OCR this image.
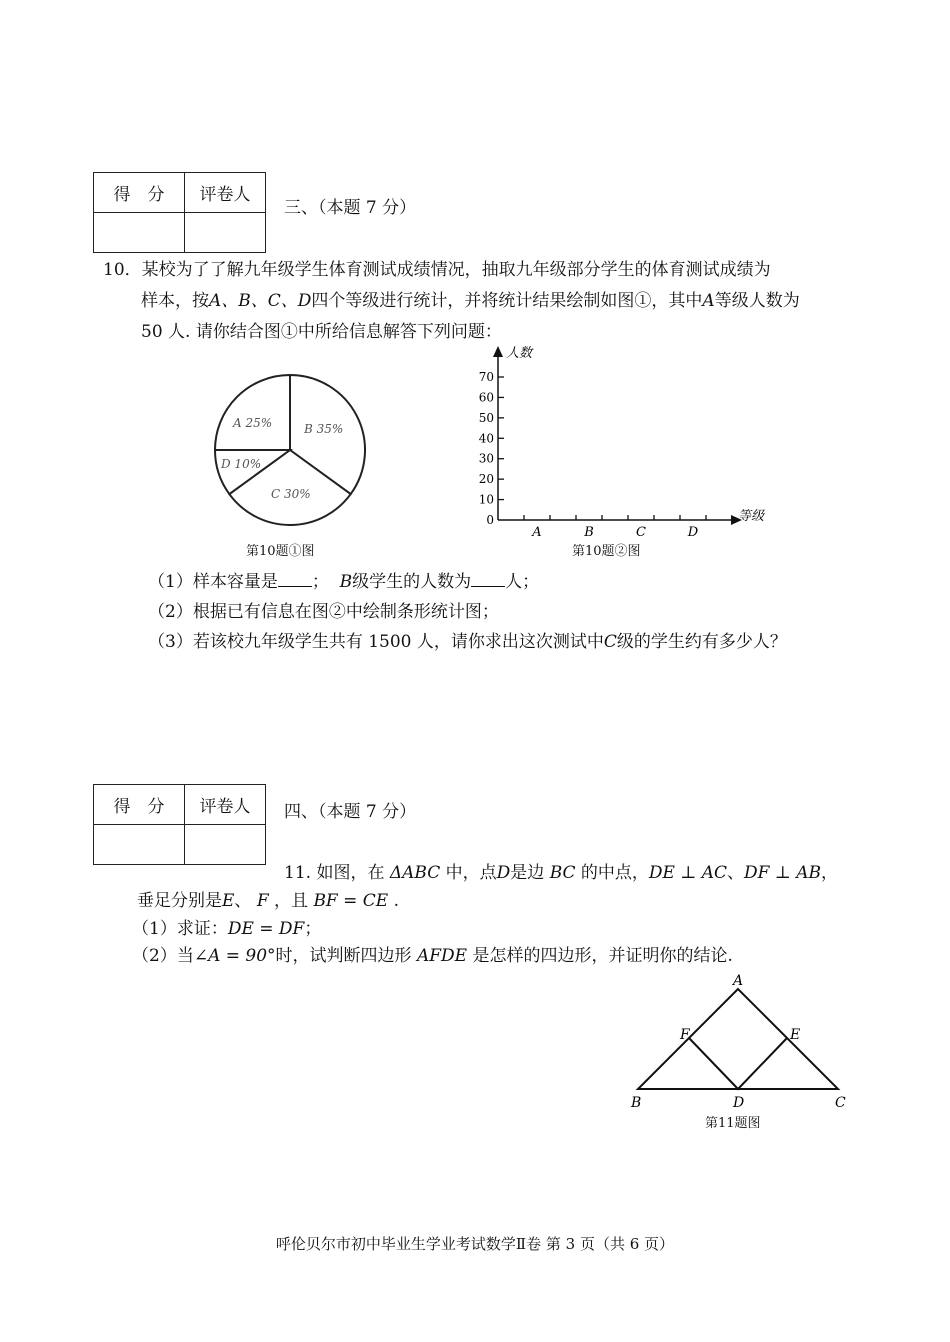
得　分	评卷人

三、（本题 7 分）
10．某校为了了解九年级学生体育测试成绩情况，抽取九年级部分学生的体育测试成绩为
样本，按A、B、C、D四个等级进行统计，并将统计结果绘制如图①，其中A等级人数为
50 人. 请你结合图①中所给信息解答下列问题：
A 25%	B 35%
C 30%
D 10%
第10题①图
人数
等级
0
10
20
30
40
50
60
70
A	B	C	D
第10题②图
（1）样本容量是 ； B级学生的人数为 人；
（2）根据已有信息在图②中绘制条形统计图；
（3）若该校九年级学生共有 1500 人，请你求出这次测试中C级的学生约有多少人？
得　分	评卷人
	四、（本题 7 分）
11. 如图，在 ΔABC 中，点D是边 BC 的中点，DE ⊥ AC、DF ⊥ AB，
垂足分别是E、 F ，且 BF = CE .
（1）求证：DE = DF；
（2）当∠A = 90°时，试判断四边形 AFDE 是怎样的四边形，并证明你的结论.
A
F	E
B	D	C
第11题图
呼伦贝尔市初中毕业生学业考试数学Ⅱ卷 第 3 页（共 6 页）
